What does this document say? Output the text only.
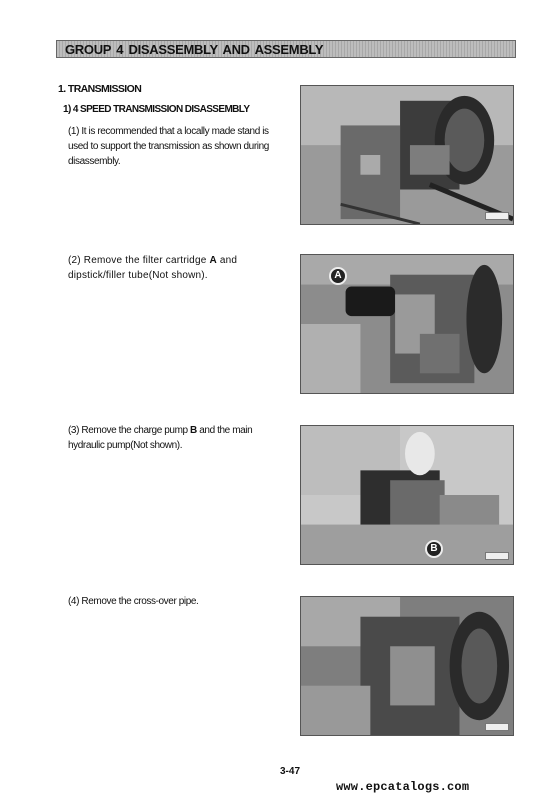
GROUP 4 DISASSEMBLY AND ASSEMBLY
1. TRANSMISSION
1) 4 SPEED TRANSMISSION DISASSEMBLY
(1) It is recommended that a locally made stand is used to support the transmission as shown during disassembly.
(2) Remove the filter cartridge A and dipstick/filler tube(Not shown).
(3) Remove the charge pump B and the main hydraulic pump(Not shown).
(4) Remove the cross-over pipe.
A
B
3-47
www.epcatalogs.com
